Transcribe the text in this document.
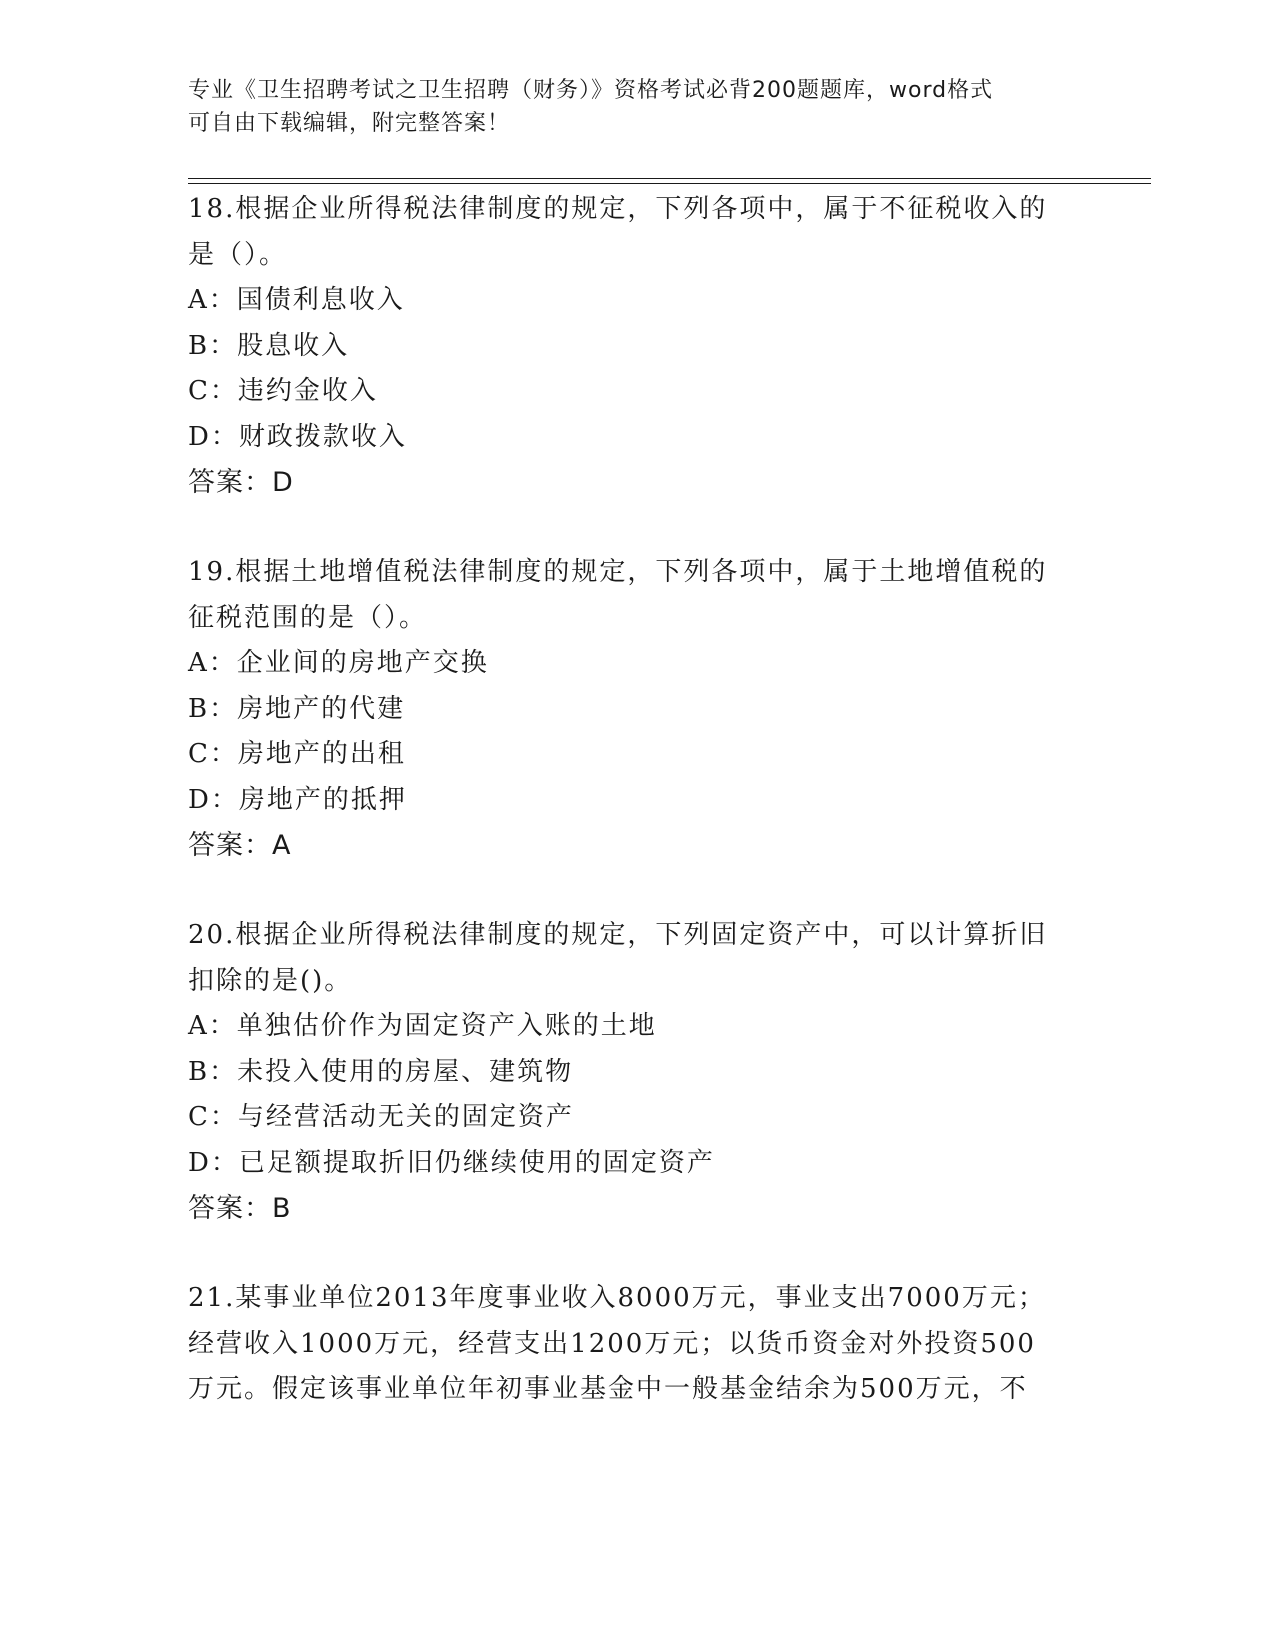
专业《卫生招聘考试之卫生招聘（财务）》资格考试必背200题题库，word格式
可自由下载编辑，附完整答案！
18.根据企业所得税法律制度的规定，下列各项中，属于不征税收入的
是（）。
A：国债利息收入
B：股息收入
C：违约金收入
D：财政拨款收入
答案：D
19.根据土地增值税法律制度的规定，下列各项中，属于土地增值税的
征税范围的是（）。
A：企业间的房地产交换
B：房地产的代建
C：房地产的出租
D：房地产的抵押
答案：A
20.根据企业所得税法律制度的规定，下列固定资产中，可以计算折旧
扣除的是()。
A：单独估价作为固定资产入账的土地
B：未投入使用的房屋、建筑物
C：与经营活动无关的固定资产
D：已足额提取折旧仍继续使用的固定资产
答案：B
21.某事业单位2013年度事业收入8000万元，事业支出7000万元；
经营收入1000万元，经营支出1200万元；以货币资金对外投资500
万元。假定该事业单位年初事业基金中一般基金结余为500万元，不
